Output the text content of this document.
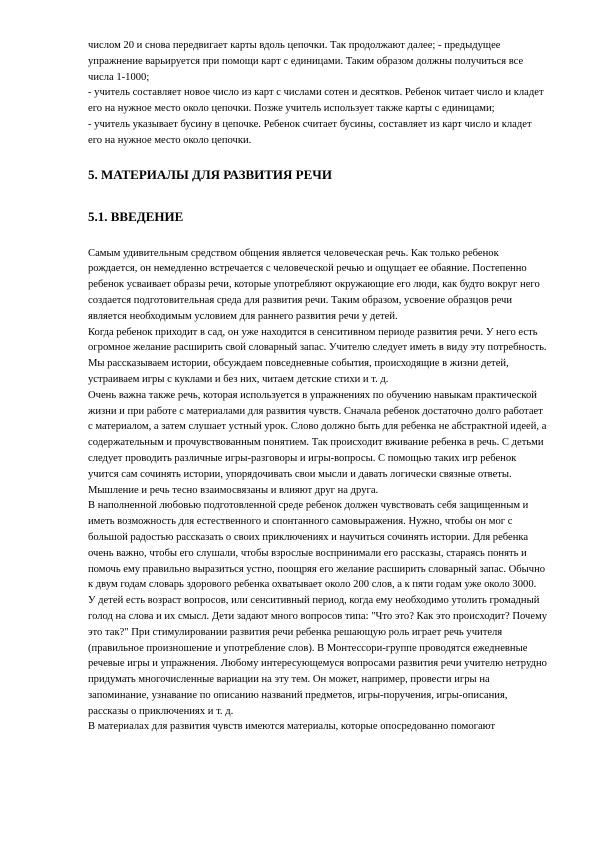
числом 20 и снова передвигает карты вдоль цепочки. Так продолжают далее; - предыдущее упражнение варьируется при помощи карт с единицами. Таким образом должны получиться все числа 1-1000;

- учитель составляет новое число из карт с числами сотен и десятков. Ребенок читает число и кладет его на нужное место около цепочки. Позже учитель использует также карты с единицами;

- учитель указывает бусину в цепочке. Ребенок считает бусины, составляет из карт число и кладет его на нужное место около цепочки.

5. МАТЕРИАЛЫ ДЛЯ РАЗВИТИЯ РЕЧИ
5.1. ВВЕДЕНИЕ

Самым удивительным средством общения является человеческая речь. Как только ребенок рождается, он немедленно встречается с человеческой речью и ощущает ее обаяние. Постепенно ребенок усваивает образы речи, которые употребляют окружающие его люди, как будто вокруг него создается подготовительная среда для развития речи. Таким образом, усвоение образцов речи является необходимым условием для раннего развития речи у детей.

Когда ребенок приходит в сад, он уже находится в сенситивном периоде развития речи. У него есть огромное желание расширить свой словарный запас. Учителю следует иметь в виду эту потребность. Мы рассказываем истории, обсуждаем повседневные события, происходящие в жизни детей, устраиваем игры с куклами и без них, читаем детские стихи и т. д.

Очень важна также речь, которая используется в упражнениях по обучению навыкам практической жизни и при работе с материалами для развития чувств. Сначала ребенок достаточно долго работает с материалом, а затем слушает устный урок. Слово должно быть для ребенка не абстрактной идеей, а содержательным и прочувствованным понятием. Так происходит вживание ребенка в речь. С детьми следует проводить различные игры-разговоры и игры-вопросы. С помощью таких игр ребенок учится сам сочинять истории, упорядочивать свои мысли и давать логически связные ответы. Мышление и речь тесно взаимосвязаны и влияют друг на друга.

В наполненной любовью подготовленной среде ребенок должен чувствовать себя защищенным и иметь возможность для естественного и спонтанного самовыражения. Нужно, чтобы он мог с большой радостью рассказать о своих приключениях и научиться сочинять истории. Для ребенка очень важно, чтобы его слушали, чтобы взрослые воспринимали его рассказы, стараясь понять и помочь ему правильно выразиться устно, поощряя его желание расширить словарный запас. Обычно к двум годам словарь здорового ребенка охватывает около 200 слов, а к пяти годам уже около 3000.

У детей есть возраст вопросов, или сенситивный период, когда ему необходимо утолить громадный голод на слова и их смысл. Дети задают много вопросов типа: "Что это? Как это происходит? Почему это так?" При стимулировании развития речи ребенка решающую роль играет речь учителя (правильное произношение и употребление слов). В Монтессори-группе проводятся ежедневные речевые игры и упражнения. Любому интересующемуся вопросами развития речи учителю нетрудно придумать многочисленные вариации на эту тем. Он может, например, провести игры на запоминание, узнавание по описанию названий предметов, игры-поручения, игры-описания, рассказы о приключениях и т. д.

В материалах для развития чувств имеются материалы, которые опосредованно помогают
